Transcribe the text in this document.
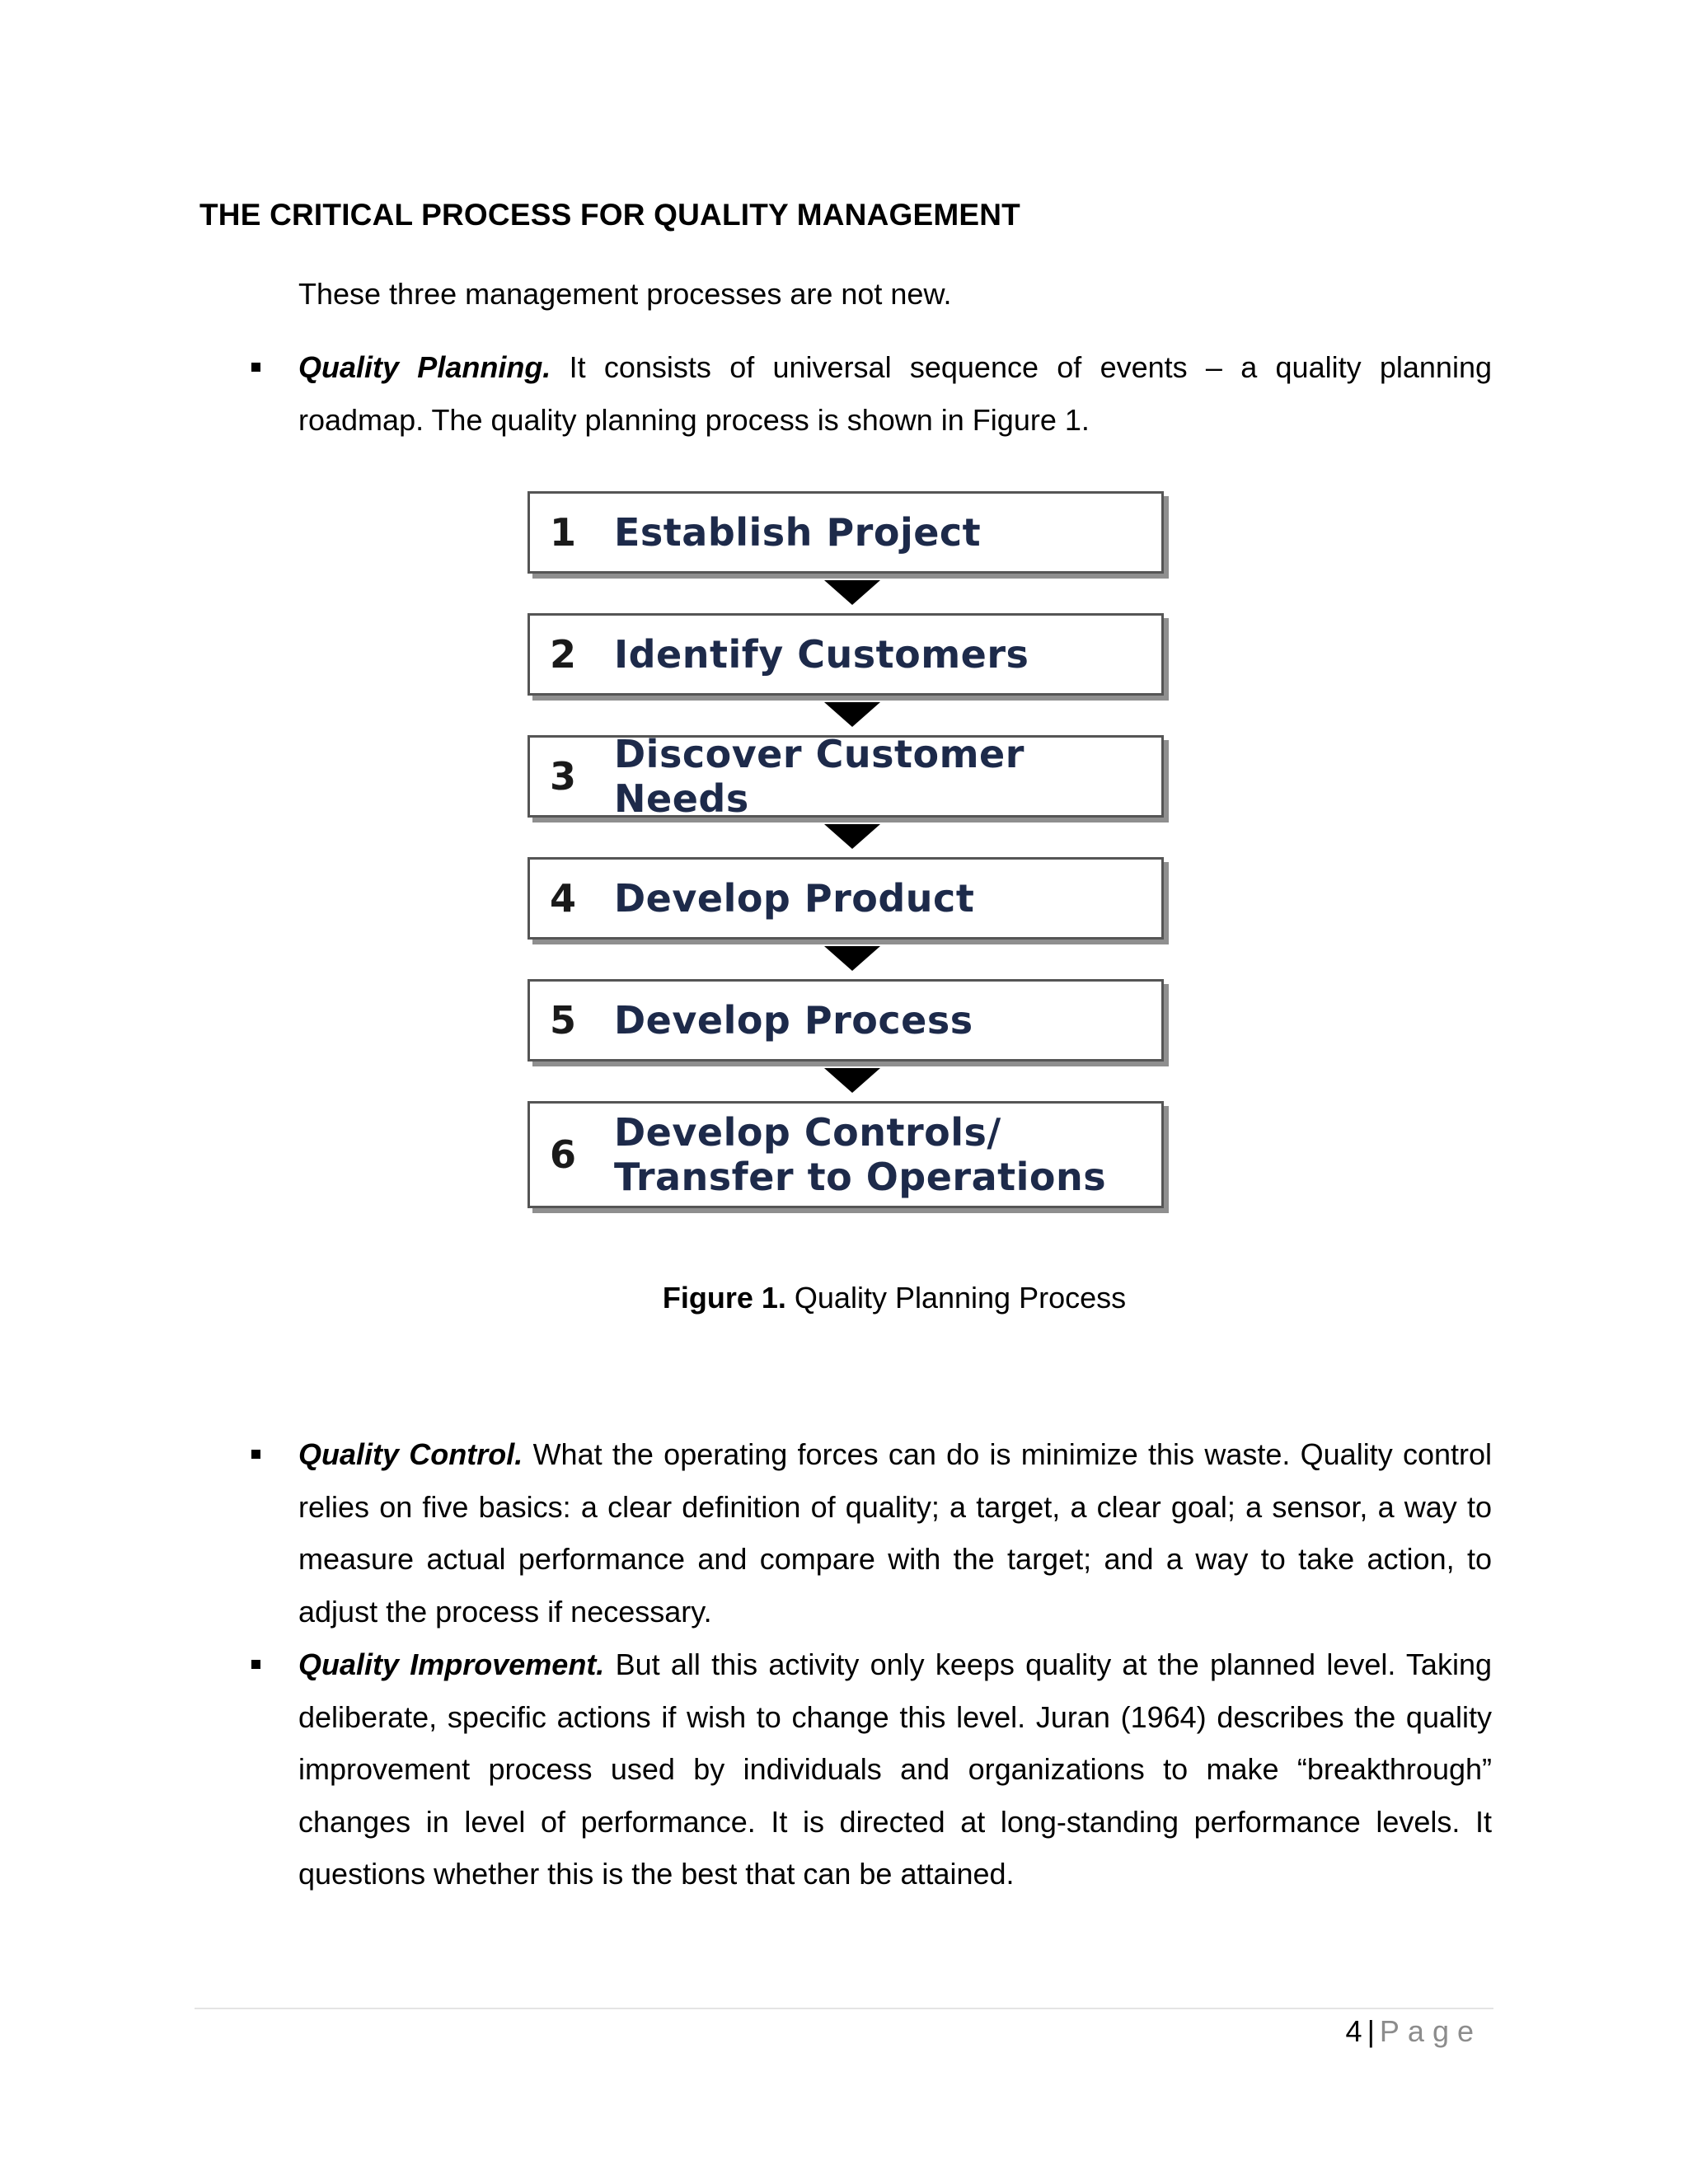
THE CRITICAL PROCESS FOR QUALITY MANAGEMENT
These three management processes are not new.

Quality Planning. It consists of universal sequence of events – a quality planning roadmap. The quality planning process is shown in Figure 1.

1 Establish Project
2 Identify Customers
3 Discover Customer Needs
4 Develop Product
5 Develop Process
6 Develop Controls/
Transfer to Operations
Figure 1. Quality Planning Process

Quality Control. What the operating forces can do is minimize this waste. Quality control relies on five basics: a clear definition of quality; a target, a clear goal; a sensor, a way to measure actual performance and compare with the target; and a way to take action, to adjust the process if necessary.

Quality Improvement. But all this activity only keeps quality at the planned level. Taking deliberate, specific actions if wish to change this level. Juran (1964) describes the quality improvement process used by individuals and organizations to make “breakthrough” changes in level of performance. It is directed at long-standing performance levels. It questions whether this is the best that can be attained.

4 | Page
